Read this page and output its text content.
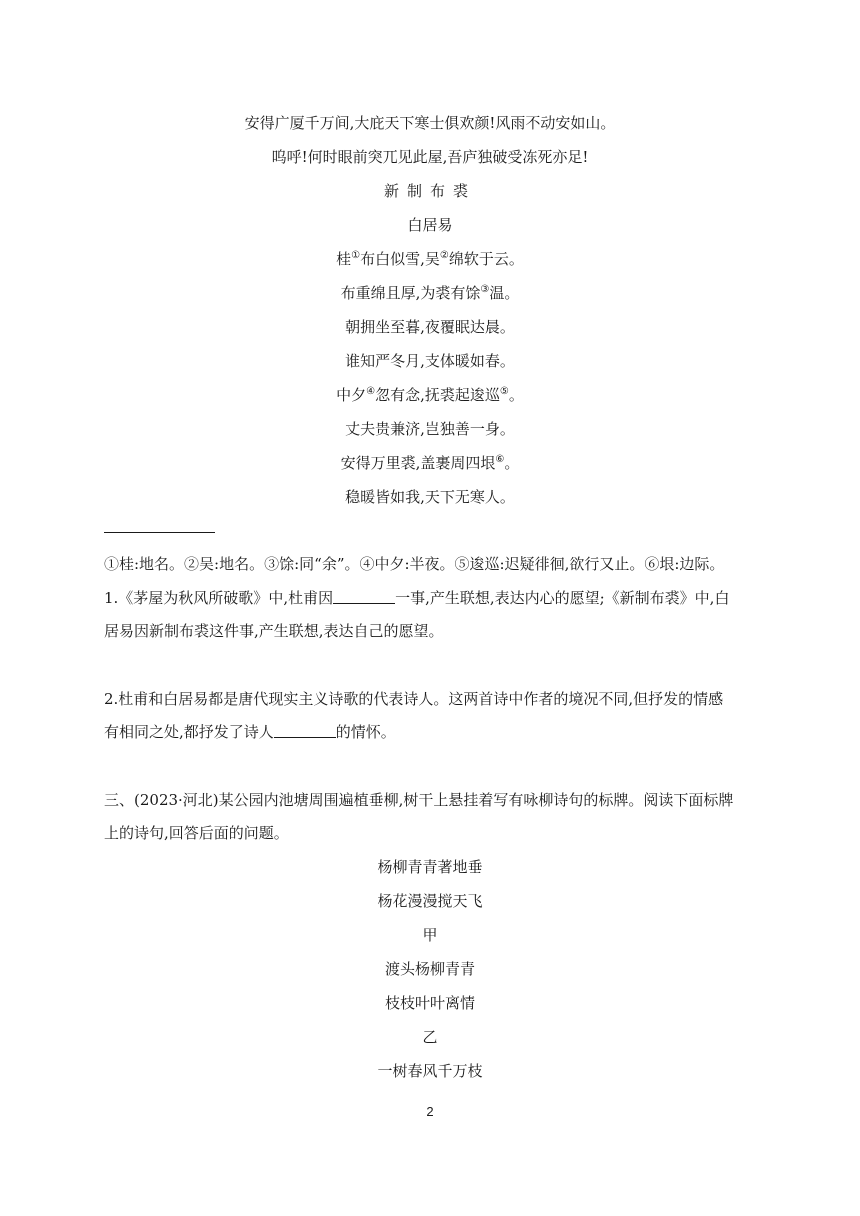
安得广厦千万间,大庇天下寒士俱欢颜!风雨不动安如山。
呜呼!何时眼前突兀见此屋,吾庐独破受冻死亦足!
新制布裘
白居易
桂①布白似雪,吴②绵软于云。
布重绵且厚,为裘有馀③温。
朝拥坐至暮,夜覆眠达晨。
谁知严冬月,支体暖如春。
中夕④忽有念,抚裘起逡巡⑤。
丈夫贵兼济,岂独善一身。
安得万里裘,盖裹周四垠⑥。
稳暖皆如我,天下无寒人。
①桂:地名。②吴:地名。③馀:同“余”。④中夕:半夜。⑤逡巡:迟疑徘徊,欲行又止。⑥垠:边际。
1.《茅屋为秋风所破歌》中,杜甫因	一事,产生联想,表达内心的愿望;《新制布裘》中,白
居易因新制布裘这件事,产生联想,表达自己的愿望。
2.杜甫和白居易都是唐代现实主义诗歌的代表诗人。这两首诗中作者的境况不同,但抒发的情感
有相同之处,都抒发了诗人	的情怀。
三、(2023·河北)某公园内池塘周围遍植垂柳,树干上悬挂着写有咏柳诗句的标牌。阅读下面标牌
上的诗句,回答后面的问题。
杨柳青青著地垂
杨花漫漫搅天飞
甲
渡头杨柳青青
枝枝叶叶离情
乙
一树春风千万枝
2
